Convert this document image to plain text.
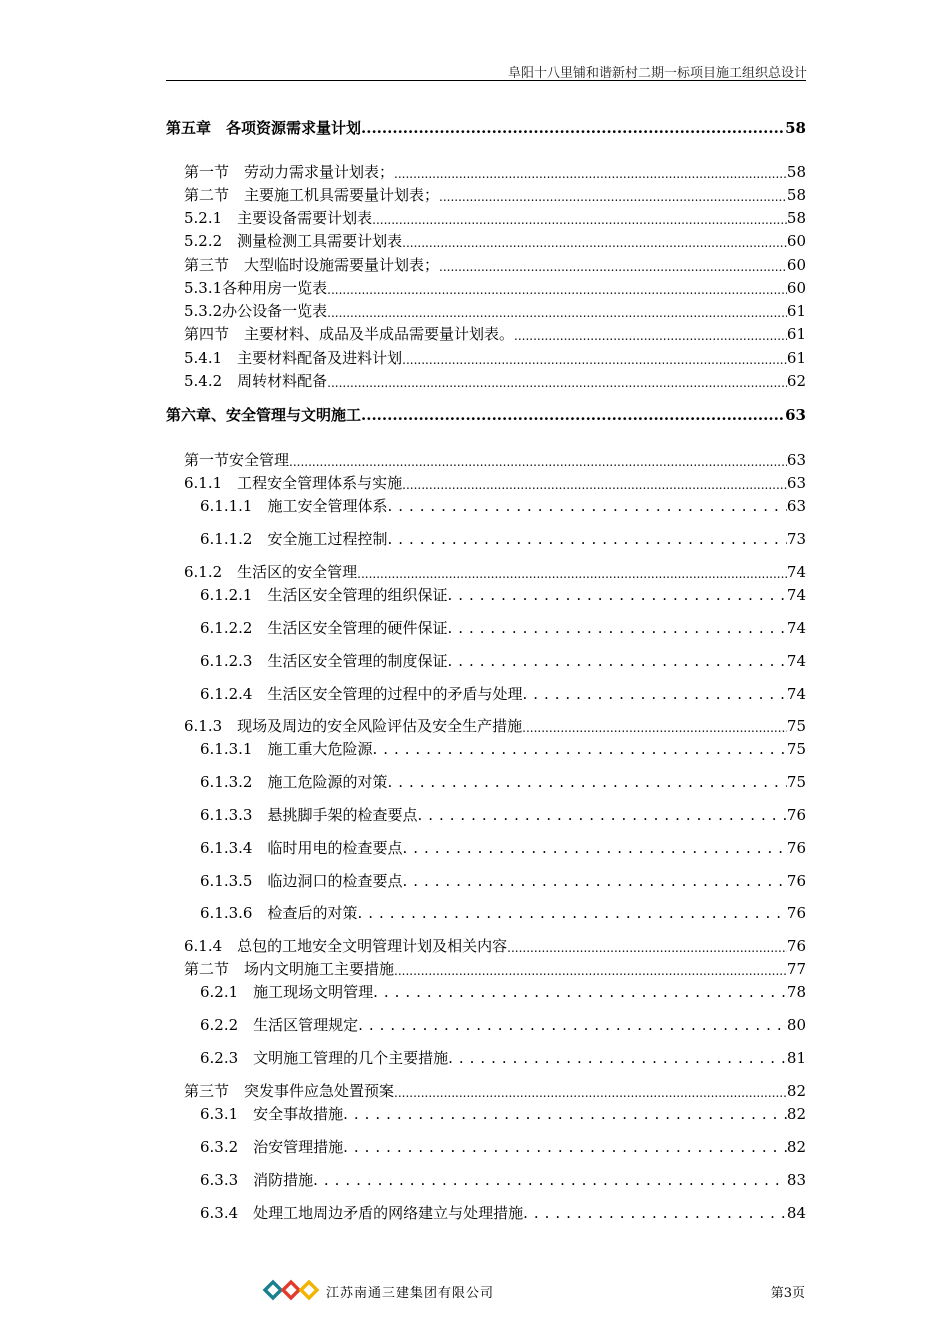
阜阳十八里铺和谐新村二期一标项目施工组织总设计
第五章　各项资源需求量计划 .....	58
第一节　劳动力需求量计划表； .....	58
第二节　主要施工机具需要量计划表； .....	58
5.2.1　主要设备需要计划表 .....	58
5.2.2　测量检测工具需要计划表 .....	60
第三节　大型临时设施需要量计划表； .....	60
5.3.1各种用房一览表 .....	60
5.3.2办公设备一览表 .....	61
第四节　主要材料、成品及半成品需要量计划表。 .....	61
5.4.1　主要材料配备及进料计划 .....	61
5.4.2　周转材料配备 .....	62
第六章、安全管理与文明施工 .....	63
第一节安全管理 .....	63
6.1.1　工程安全管理体系与实施 .....	63
6.1.1.1　施工安全管理体系 . . .	63
6.1.1.2　安全施工过程控制 . . .	73
6.1.2　生活区的安全管理 .....	74
6.1.2.1　生活区安全管理的组织保证 . . .	74
6.1.2.2　生活区安全管理的硬件保证 . . .	74
6.1.2.3　生活区安全管理的制度保证 . . .	74
6.1.2.4　生活区安全管理的过程中的矛盾与处理 . . .	74
6.1.3　现场及周边的安全风险评估及安全生产措施 .....	75
6.1.3.1　施工重大危险源 . . .	75
6.1.3.2　施工危险源的对策 . . .	75
6.1.3.3　悬挑脚手架的检查要点 . . .	76
6.1.3.4　临时用电的检查要点 . . .	76
6.1.3.5　临边洞口的检查要点 . . .	76
6.1.3.6　检查后的对策 . . .	76
6.1.4　总包的工地安全文明管理计划及相关内容 .....	76
第二节　场内文明施工主要措施 .....	77
6.2.1　施工现场文明管理 . . .	78
6.2.2　生活区管理规定 . . .	80
6.2.3　文明施工管理的几个主要措施 . . .	81
第三节　突发事件应急处置预案 .....	82
6.3.1　安全事故措施 . . .	82
6.3.2　治安管理措施 . . .	82
6.3.3　消防措施 . . .	83
6.3.4　处理工地周边矛盾的网络建立与处理措施 . . .	84
江苏南通三建集团有限公司	第3页
